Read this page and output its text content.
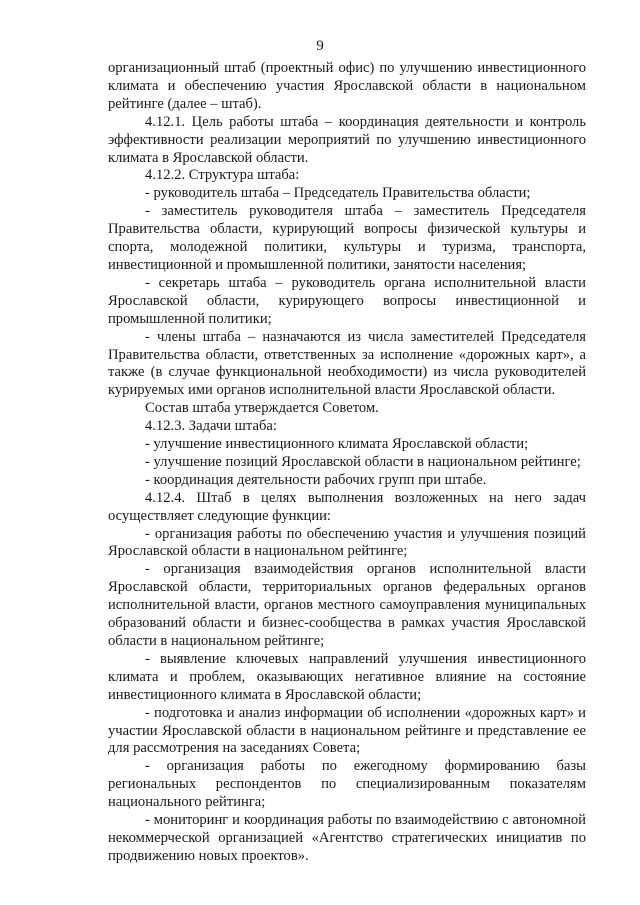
9

организационный штаб (проектный офис) по улучшению инвестиционного климата и обеспечению участия Ярославской области в национальном рейтинге (далее – штаб).

4.12.1. Цель работы штаба – координация деятельности и контроль эффективности реализации мероприятий по улучшению инвестиционного климата в Ярославской области.

4.12.2. Структура штаба:

- руководитель штаба – Председатель Правительства области;

- заместитель руководителя штаба – заместитель Председателя Правительства области, курирующий вопросы физической культуры и спорта, молодежной политики, культуры и туризма, транспорта, инвестиционной и промышленной политики, занятости населения;

- секретарь штаба – руководитель органа исполнительной власти Ярославской области, курирующего вопросы инвестиционной и промышленной политики;

- члены штаба – назначаются из числа заместителей Председателя Правительства области, ответственных за исполнение «дорожных карт», а также (в случае функциональной необходимости) из числа руководителей курируемых ими органов исполнительной власти Ярославской области.

Состав штаба утверждается Советом.

4.12.3. Задачи штаба:

- улучшение инвестиционного климата Ярославской области;

- улучшение позиций Ярославской области в национальном рейтинге;

- координация деятельности рабочих групп при штабе.

4.12.4. Штаб в целях выполнения возложенных на него задач осуществляет следующие функции:

- организация работы по обеспечению участия и улучшения позиций Ярославской области в национальном рейтинге;

- организация взаимодействия органов исполнительной власти Ярославской области, территориальных органов федеральных органов исполнительной власти, органов местного самоуправления муниципальных образований области и бизнес-сообщества в рамках участия Ярославской области в национальном рейтинге;

- выявление ключевых направлений улучшения инвестиционного климата и проблем, оказывающих негативное влияние на состояние инвестиционного климата в Ярославской области;

- подготовка и анализ информации об исполнении «дорожных карт» и участии Ярославской области в национальном рейтинге и представление ее для рассмотрения на заседаниях Совета;

- организация работы по ежегодному формированию базы региональных респондентов по специализированным показателям национального рейтинга;

- мониторинг и координация работы по взаимодействию с автономной некоммерческой организацией «Агентство стратегических инициатив по продвижению новых проектов».
